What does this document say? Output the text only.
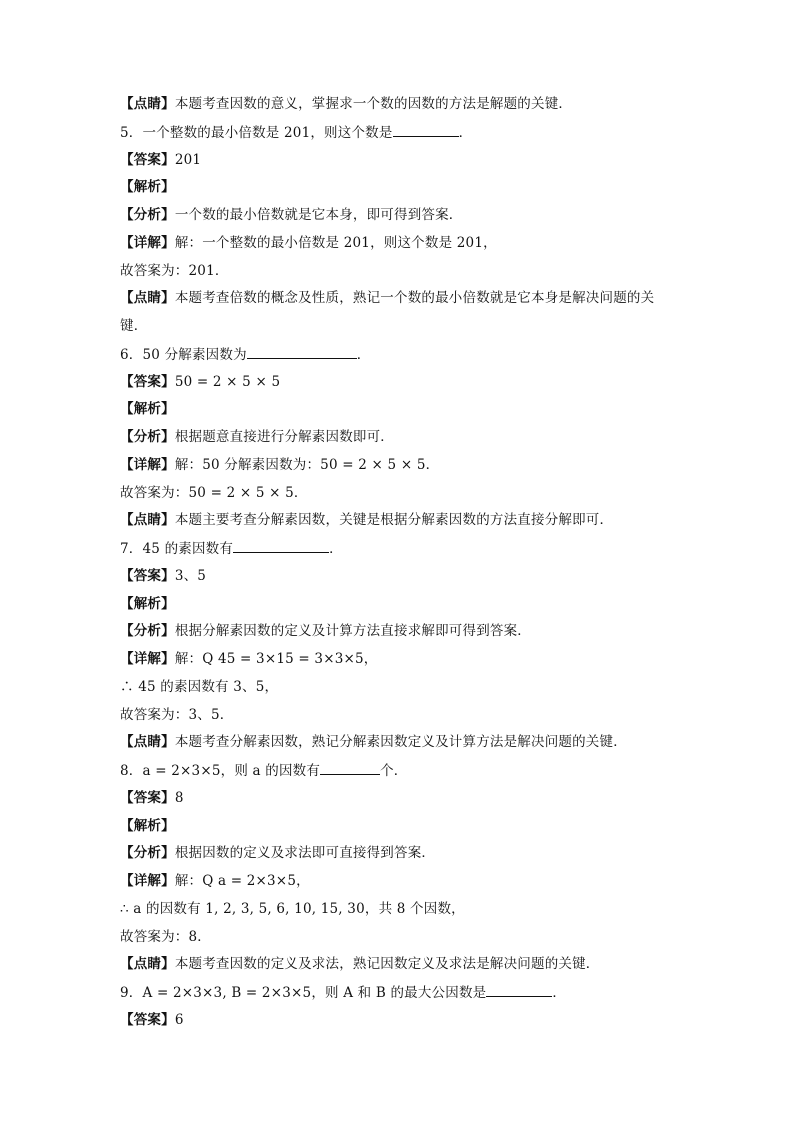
【点睛】本题考查因数的意义，掌握求一个数的因数的方法是解题的关键．
5．一个整数的最小倍数是 201，则这个数是	．
【答案】201
【解析】
【分析】一个数的最小倍数就是它本身，即可得到答案．
【详解】解：一个整数的最小倍数是 201，则这个数是 201，
故答案为：201．
【点睛】本题考查倍数的概念及性质，熟记一个数的最小倍数就是它本身是解决问题的关
键．
6．50 分解素因数为	．
【答案】50 = 2 × 5 × 5
【解析】
【分析】根据题意直接进行分解素因数即可．
【详解】解：50 分解素因数为：50 = 2 × 5 × 5．
故答案为：50 = 2 × 5 × 5．
【点睛】本题主要考查分解素因数，关键是根据分解素因数的方法直接分解即可．
7．45 的素因数有	．
【答案】3、5
【解析】
【分析】根据分解素因数的定义及计算方法直接求解即可得到答案．
【详解】解：Q 45 = 3×15 = 3×3×5，
∴ 45 的素因数有 3、5，
故答案为：3、5．
【点睛】本题考查分解素因数，熟记分解素因数定义及计算方法是解决问题的关键．
8．a = 2×3×5，则 a 的因数有	个．
【答案】8
【解析】
【分析】根据因数的定义及求法即可直接得到答案．
【详解】解：Q a = 2×3×5，
∴ a 的因数有 1, 2, 3, 5, 6, 10, 15, 30，共 8 个因数，
故答案为：8．
【点睛】本题考查因数的定义及求法，熟记因数定义及求法是解决问题的关键．
9．A = 2×3×3, B = 2×3×5，则 A 和 B 的最大公因数是	．
【答案】6
